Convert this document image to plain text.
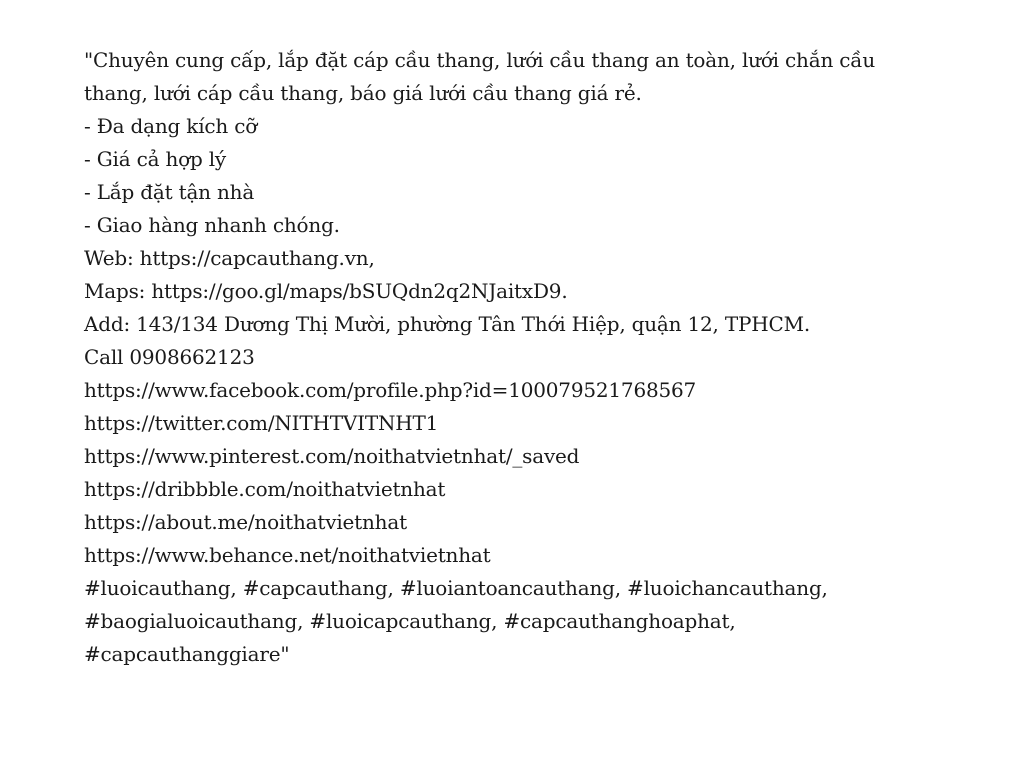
"Chuyên cung cấp, lắp đặt cáp cầu thang, lưới cầu thang an toàn, lưới chắn cầu

thang, lưới cáp cầu thang, báo giá lưới cầu thang giá rẻ.

- Đa dạng kích cỡ

- Giá cả hợp lý

- Lắp đặt tận nhà

- Giao hàng nhanh chóng.

Web: https://capcauthang.vn,

Maps: https://goo.gl/maps/bSUQdn2q2NJaitxD9.

Add: 143/134 Dương Thị Mười, phường Tân Thới Hiệp, quận 12, TPHCM.

Call 0908662123

https://www.facebook.com/profile.php?id=100079521768567

https://twitter.com/NITHTVITNHT1

https://www.pinterest.com/noithatvietnhat/_saved

https://dribbble.com/noithatvietnhat

https://about.me/noithatvietnhat

https://www.behance.net/noithatvietnhat

#luoicauthang, #capcauthang, #luoiantoancauthang, #luoichancauthang,

#baogialuoicauthang, #luoicapcauthang, #capcauthanghoaphat,

#capcauthanggiare"
